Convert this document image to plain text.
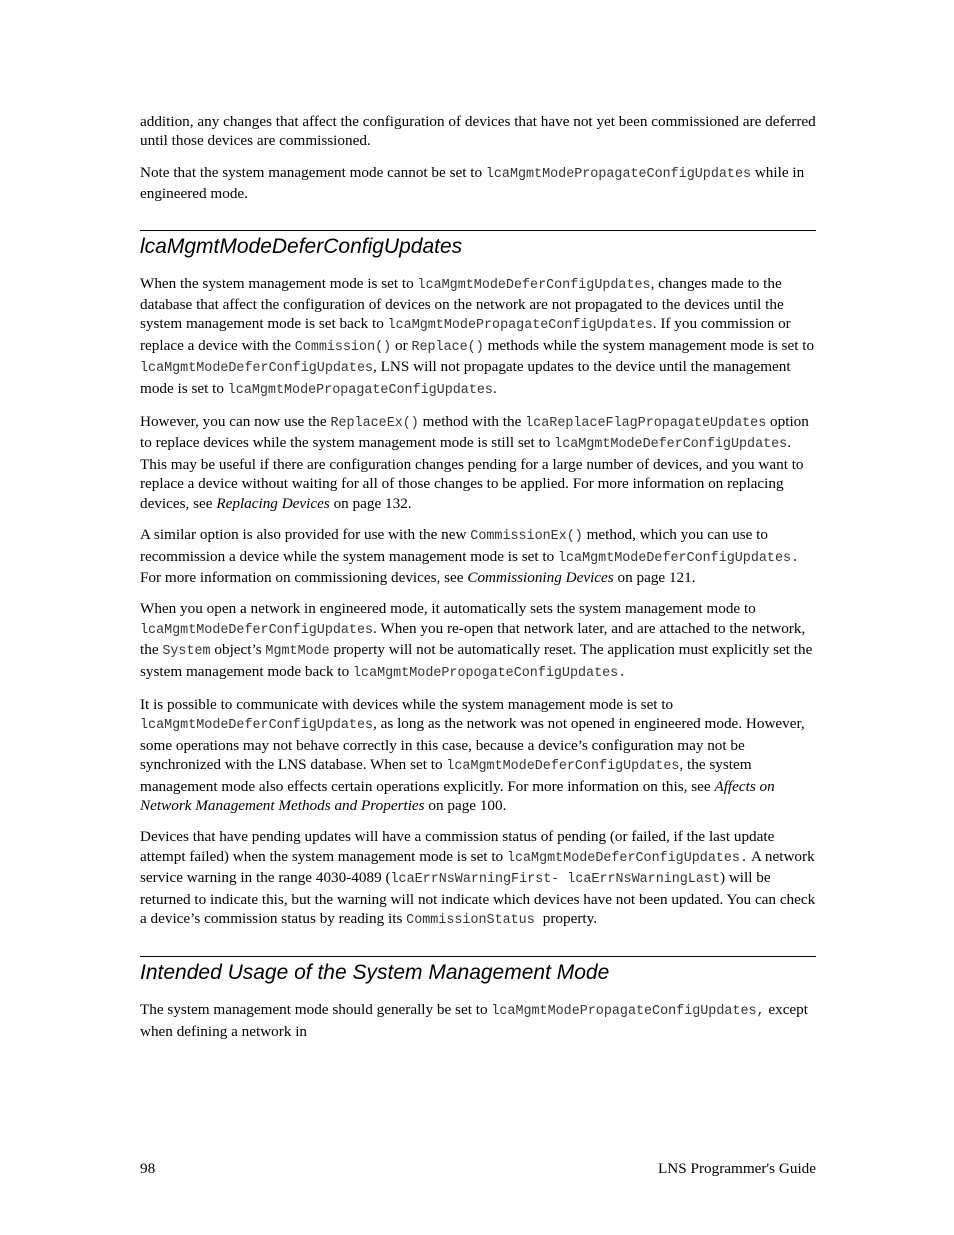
addition, any changes that affect the configuration of devices that have not yet been commissioned are deferred until those devices are commissioned.

Note that the system management mode cannot be set to lcaMgmtModePropagateConfigUpdates while in engineered mode.

lcaMgmtModeDeferConfigUpdates

When the system management mode is set to lcaMgmtModeDeferConfigUpdates, changes made to the database that affect the configuration of devices on the network are not propagated to the devices until the system management mode is set back to lcaMgmtModePropagateConfigUpdates. If you commission or replace a device with the Commission() or Replace() methods while the system management mode is set to lcaMgmtModeDeferConfigUpdates, LNS will not propagate updates to the device until the management mode is set to lcaMgmtModePropagateConfigUpdates.

However, you can now use the ReplaceEx() method with the lcaReplaceFlagPropagateUpdates option to replace devices while the system management mode is still set to lcaMgmtModeDeferConfigUpdates. This may be useful if there are configuration changes pending for a large number of devices, and you want to replace a device without waiting for all of those changes to be applied. For more information on replacing devices, see Replacing Devices on page 132.

A similar option is also provided for use with the new CommissionEx() method, which you can use to recommission a device while the system management mode is set to lcaMgmtModeDeferConfigUpdates. For more information on commissioning devices, see Commissioning Devices on page 121.

When you open a network in engineered mode, it automatically sets the system management mode to lcaMgmtModeDeferConfigUpdates. When you re-open that network later, and are attached to the network, the System object’s MgmtMode property will not be automatically reset. The application must explicitly set the system management mode back to lcaMgmtModePropogateConfigUpdates.

It is possible to communicate with devices while the system management mode is set to lcaMgmtModeDeferConfigUpdates, as long as the network was not opened in engineered mode. However, some operations may not behave correctly in this case, because a device’s configuration may not be synchronized with the LNS database. When set to lcaMgmtModeDeferConfigUpdates, the system management mode also effects certain operations explicitly. For more information on this, see Affects on Network Management Methods and Properties on page 100.

Devices that have pending updates will have a commission status of pending (or failed, if the last update attempt failed) when the system management mode is set to lcaMgmtModeDeferConfigUpdates. A network service warning in the range 4030-4089 (lcaErrNsWarningFirst- lcaErrNsWarningLast) will be returned to indicate this, but the warning will not indicate which devices have not been updated. You can check a device’s commission status by reading its CommissionStatus property.

Intended Usage of the System Management Mode

The system management mode should generally be set to lcaMgmtModePropagateConfigUpdates, except when defining a network in

98	LNS Programmer's Guide
